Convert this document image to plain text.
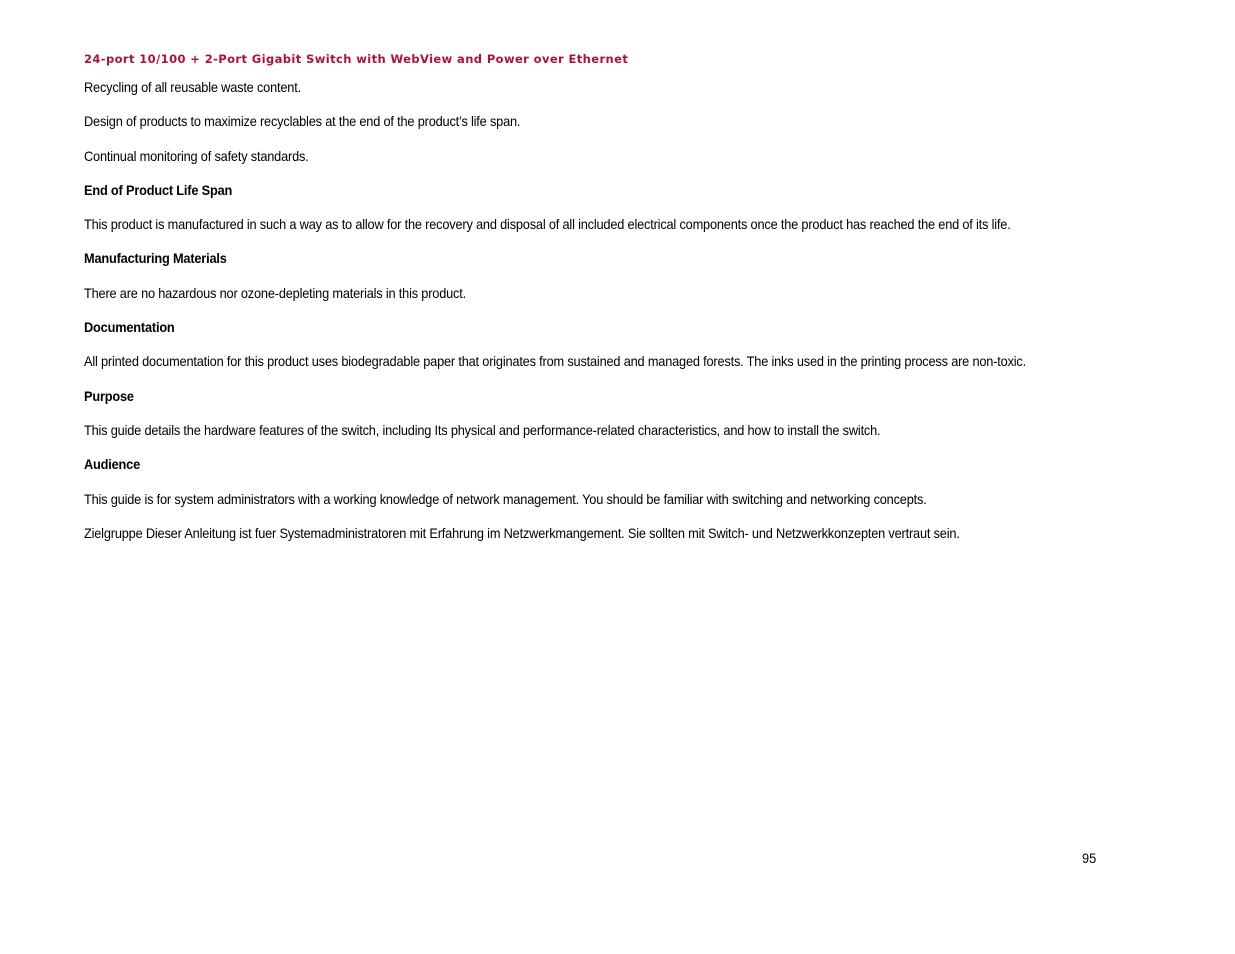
24-port 10/100 + 2-Port Gigabit Switch with WebView and Power over Ethernet

Recycling of all reusable waste content.

Design of products to maximize recyclables at the end of the product’s life span.

Continual monitoring of safety standards.

End of Product Life Span

This product is manufactured in such a way as to allow for the recovery and disposal of all included electrical components once the product has reached the end of its life.

Manufacturing Materials

There are no hazardous nor ozone-depleting materials in this product.

Documentation

All printed documentation for this product uses biodegradable paper that originates from sustained and managed forests. The inks used in the printing process are non-toxic.

Purpose

This guide details the hardware features of the switch, including Its physical and performance-related characteristics, and how to install the switch.

Audience

This guide is for system administrators with a working knowledge of network management. You should be familiar with switching and networking concepts.

Zielgruppe Dieser Anleitung ist fuer Systemadministratoren mit Erfahrung im Netzwerkmangement. Sie sollten mit Switch- und Netzwerkkonzepten vertraut sein.

95
